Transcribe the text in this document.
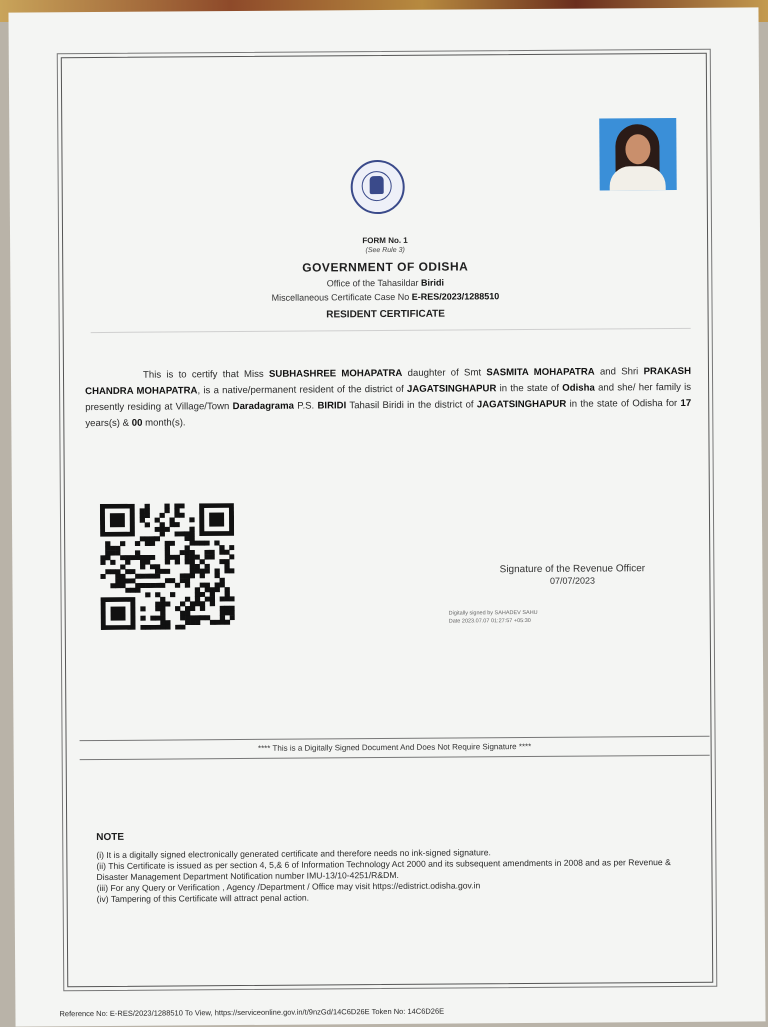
FORM No. 1
(See Rule 3)
GOVERNMENT OF ODISHA
Office of the Tahasildar Biridi
Miscellaneous Certificate Case No E-RES/2023/1288510
RESIDENT CERTIFICATE
This is to certify that Miss SUBHASHREE MOHAPATRA daughter of Smt SASMITA MOHAPATRA and Shri PRAKASH CHANDRA MOHAPATRA, is a native/permanent resident of the district of JAGATSINGHAPUR in the state of Odisha and she/ her family is presently residing at Village/Town Daradagrama P.S. BIRIDI Tahasil Biridi in the district of JAGATSINGHAPUR in the state of Odisha for 17 years(s) & 00 month(s).
Signature of the Revenue Officer
07/07/2023
Digitally signed by SAHADEV SAHU
Date 2023.07.07 01:27:57 +05:30
**** This is a Digitally Signed Document And Does Not Require Signature ****
NOTE
(i) It is a digitally signed electronically generated certificate and therefore needs no ink-signed signature.
(ii) This Certificate is issued as per section 4, 5,& 6 of Information Technology Act 2000 and its subsequent amendments in 2008 and as per Revenue & Disaster Management Department Notification number IMU-13/10-4251/R&DM.
(iii) For any Query or Verification , Agency /Department / Office may visit https://edistrict.odisha.gov.in
(iv) Tampering of this Certificate will attract penal action.
Reference No: E-RES/2023/1288510 To View, https://serviceonline.gov.in/t/9nzGd/14C6D26E Token No: 14C6D26E
